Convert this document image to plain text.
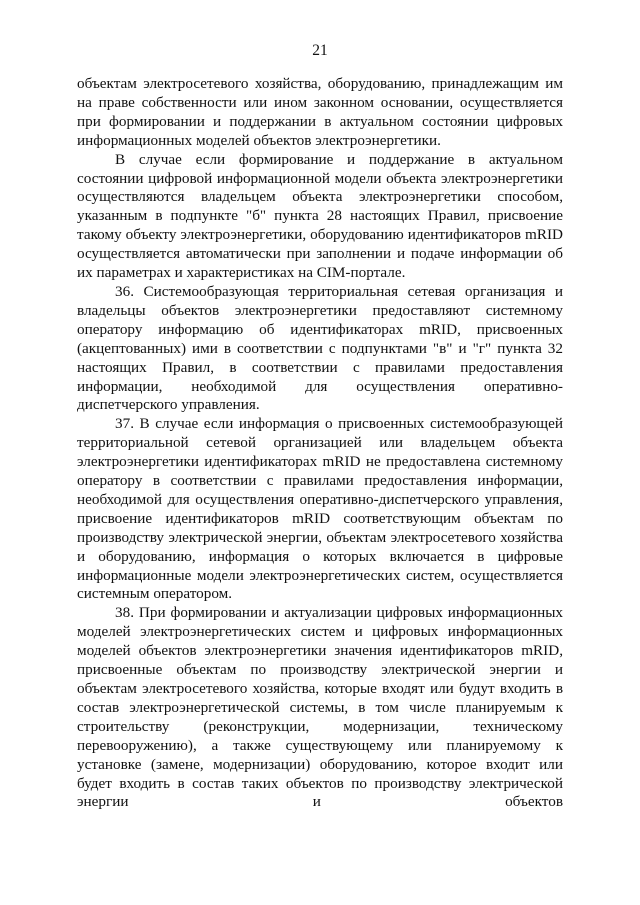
21

объектам электросетевого хозяйства, оборудованию, принадлежащим им на праве собственности или ином законном основании, осуществляется при формировании и поддержании в актуальном состоянии цифровых информационных моделей объектов электроэнергетики.

В случае если формирование и поддержание в актуальном состоянии цифровой информационной модели объекта электроэнергетики осуществляются владельцем объекта электроэнергетики способом, указанным в подпункте "б" пункта 28 настоящих Правил, присвоение такому объекту электроэнергетики, оборудованию идентификаторов mRID осуществляется автоматически при заполнении и подаче информации об их параметрах и характеристиках на CIM-портале.

36. Системообразующая территориальная сетевая организация и владельцы объектов электроэнергетики предоставляют системному оператору информацию об идентификаторах mRID, присвоенных (акцептованных) ими в соответствии с подпунктами "в" и "г" пункта 32 настоящих Правил, в соответствии с правилами предоставления информации, необходимой для осуществления оперативно-диспетчерского управления.

37. В случае если информация о присвоенных системообразующей территориальной сетевой организацией или владельцем объекта электроэнергетики идентификаторах mRID не предоставлена системному оператору в соответствии с правилами предоставления информации, необходимой для осуществления оперативно-диспетчерского управления, присвоение идентификаторов mRID соответствующим объектам по производству электрической энергии, объектам электросетевого хозяйства и оборудованию, информация о которых включается в цифровые информационные модели электроэнергетических систем, осуществляется системным оператором.

38. При формировании и актуализации цифровых информационных моделей электроэнергетических систем и цифровых информационных моделей объектов электроэнергетики значения идентификаторов mRID, присвоенные объектам по производству электрической энергии и объектам электросетевого хозяйства, которые входят или будут входить в состав электроэнергетической системы, в том числе планируемым к строительству (реконструкции, модернизации, техническому перевооружению), а также существующему или планируемому к установке (замене, модернизации) оборудованию, которое входит или будет входить в состав таких объектов по производству электрической энергии и объектов
